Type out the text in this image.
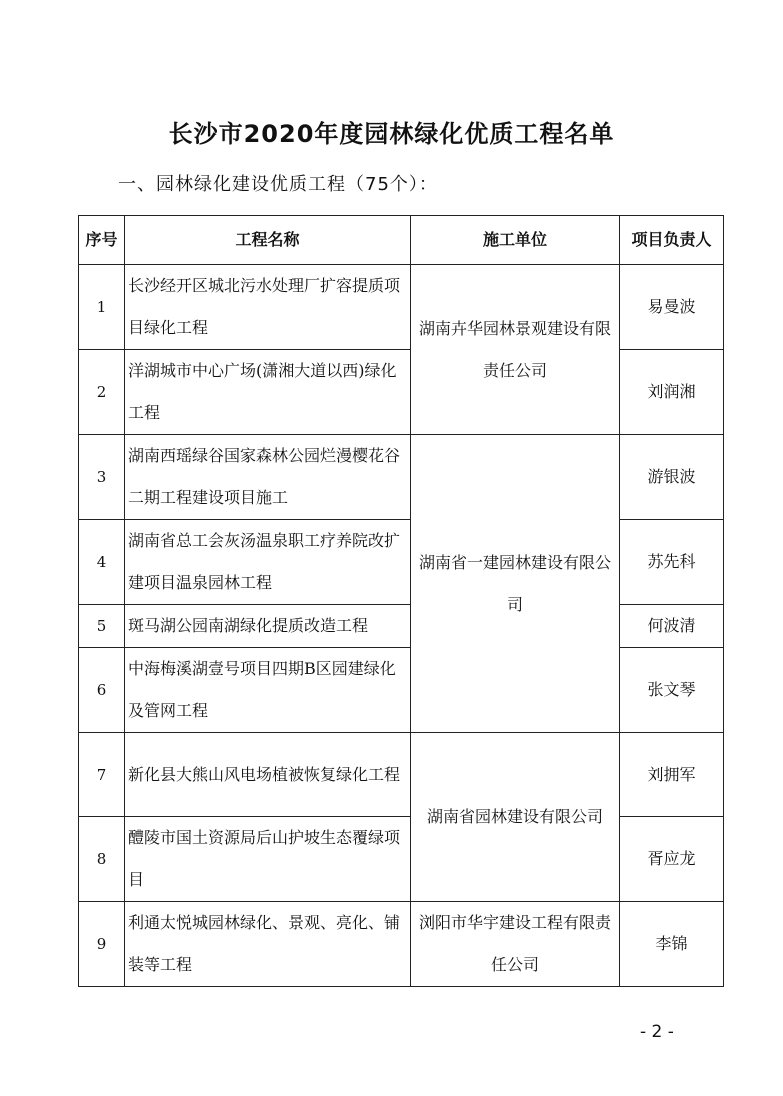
长沙市2020年度园林绿化优质工程名单
一、园林绿化建设优质工程（75个）：
序号	工程名称	施工单位	项目负责人
1	长沙经开区城北污水处理厂扩容提质项目绿化工程	湖南卉华园林景观建设有限责任公司	易曼波
2	洋湖城市中心广场(潇湘大道以西)绿化工程		刘润湘
3	湖南西瑶绿谷国家森林公园烂漫樱花谷二期工程建设项目施工	湖南省一建园林建设有限公司	游银波
4	湖南省总工会灰汤温泉职工疗养院改扩建项目温泉园林工程		苏先科
5	斑马湖公园南湖绿化提质改造工程		何波清
6	中海梅溪湖壹号项目四期B区园建绿化及管网工程		张文琴
7	新化县大熊山风电场植被恢复绿化工程	湖南省园林建设有限公司	刘拥军
8	醴陵市国土资源局后山护坡生态覆绿项目		胥应龙
9	利通太悦城园林绿化、景观、亮化、铺装等工程	浏阳市华宇建设工程有限责任公司	李锦
- 2 -
